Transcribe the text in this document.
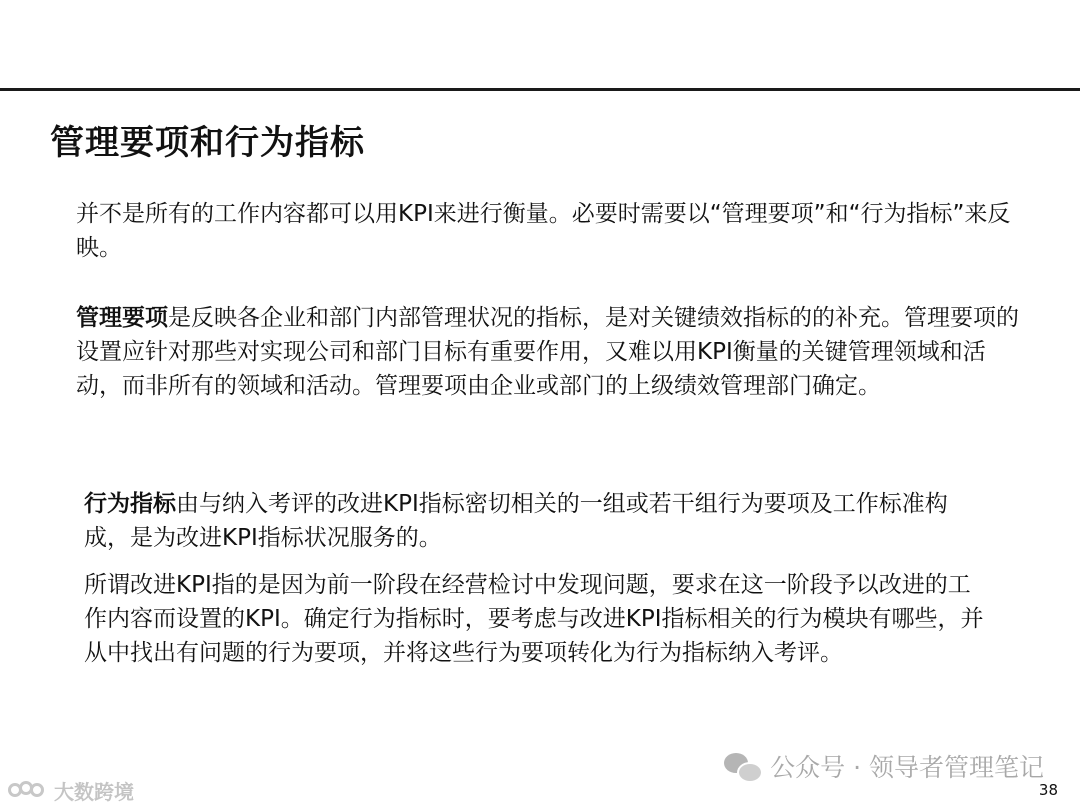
管理要项和行为指标

并不是所有的工作内容都可以用KPI来进行衡量。必要时需要以“管理要项”和“行为指标”来反映。

管理要项是反映各企业和部门内部管理状况的指标，是对关键绩效指标的的补充。管理要项的设置应针对那些对实现公司和部门目标有重要作用，又难以用KPI衡量的关键管理领域和活动，而非所有的领域和活动。管理要项由企业或部门的上级绩效管理部门确定。

行为指标由与纳入考评的改进KPI指标密切相关的一组或若干组行为要项及工作标准构成，是为改进KPI指标状况服务的。

所谓改进KPI指的是因为前一阶段在经营检讨中发现问题，要求在这一阶段予以改进的工作内容而设置的KPI。确定行为指标时，要考虑与改进KPI指标相关的行为模块有哪些，并从中找出有问题的行为要项，并将这些行为要项转化为行为指标纳入考评。

公众号 · 领导者管理笔记
大数跨境	38
